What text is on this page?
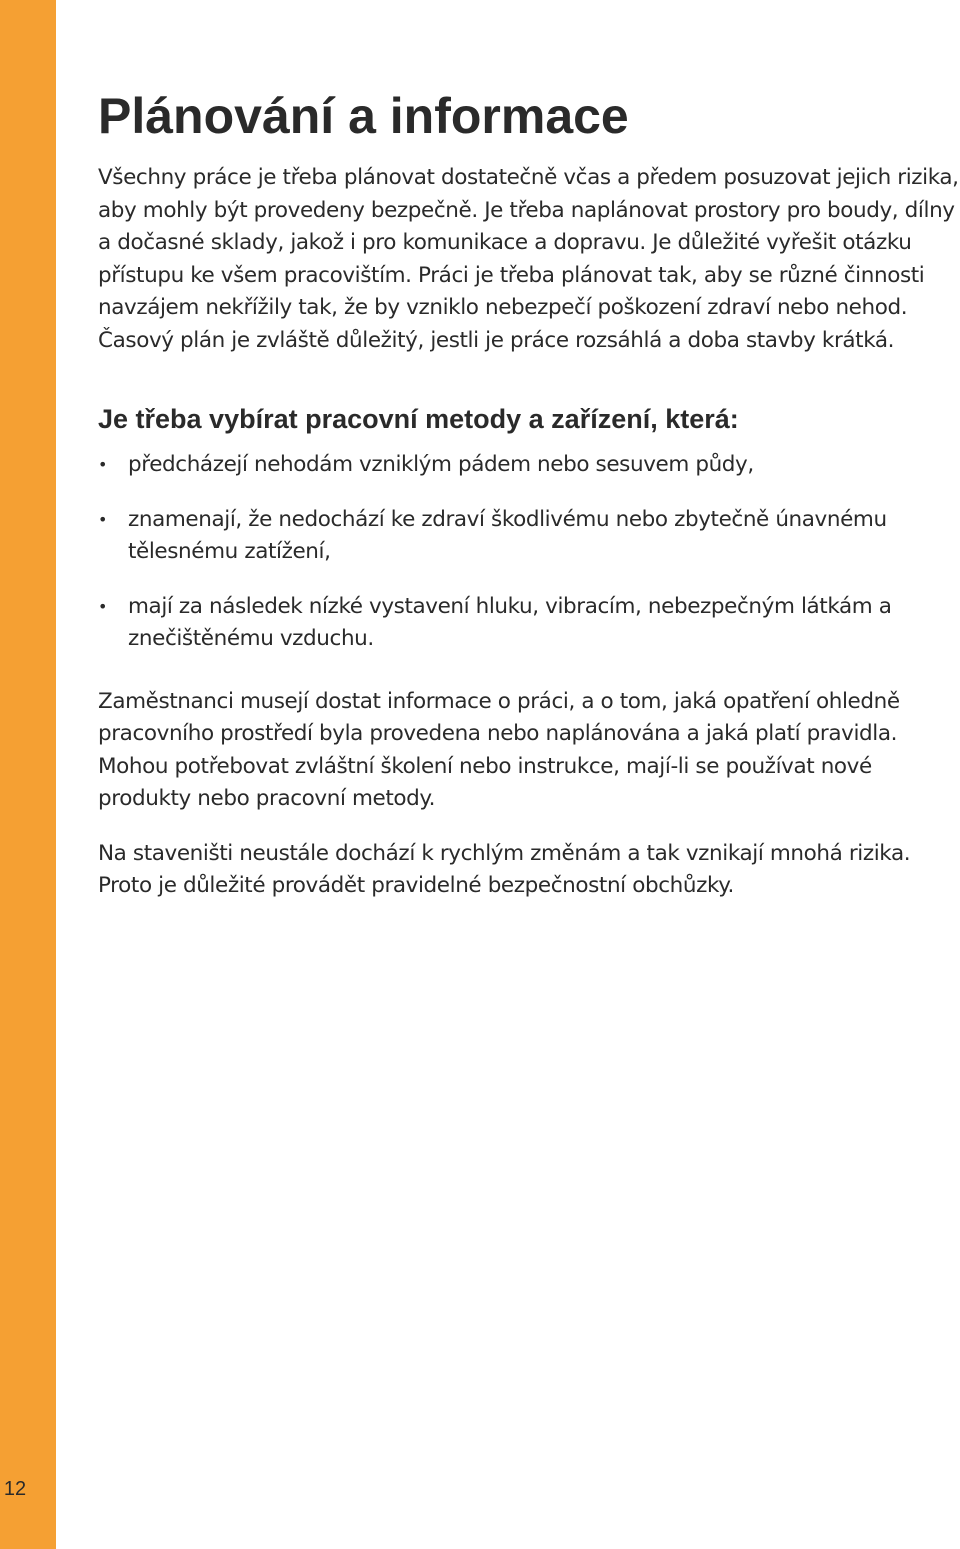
12
Plánování a informace

Všechny práce je třeba plánovat dostatečně včas a předem posuzovat jejich rizika, aby mohly být provedeny bezpečně. Je třeba naplánovat prostory pro boudy, dílny a dočasné sklady, jakož i pro komunikace a dopravu. Je důležité vyřešit otázku přístupu ke všem pracovištím. Práci je třeba plánovat tak, aby se různé činnosti navzájem nekřížily tak, že by vzniklo nebezpečí poškození zdraví nebo nehod. Časový plán je zvláště důležitý, jestli je práce rozsáhlá a doba stavby krátká.

Je třeba vybírat pracovní metody a zařízení, která:
• předcházejí nehodám vzniklým pádem nebo sesuvem půdy,
• znamenají, že nedochází ke zdraví škodlivému nebo zbytečně únavnému tělesnému zatížení,
• mají za následek nízké vystavení hluku, vibracím, nebezpečným látkám a znečištěnému vzduchu.

Zaměstnanci musejí dostat informace o práci, a o tom, jaká opatření ohledně pracovního prostředí byla provedena nebo naplánována a jaká platí pravidla. Mohou potřebovat zvláštní školení nebo instrukce, mají-li se používat nové produkty nebo pracovní metody.

Na staveništi neustále dochází k rychlým změnám a tak vznikají mnohá rizika. Proto je důležité provádět pravidelné bezpečnostní obchůzky.
